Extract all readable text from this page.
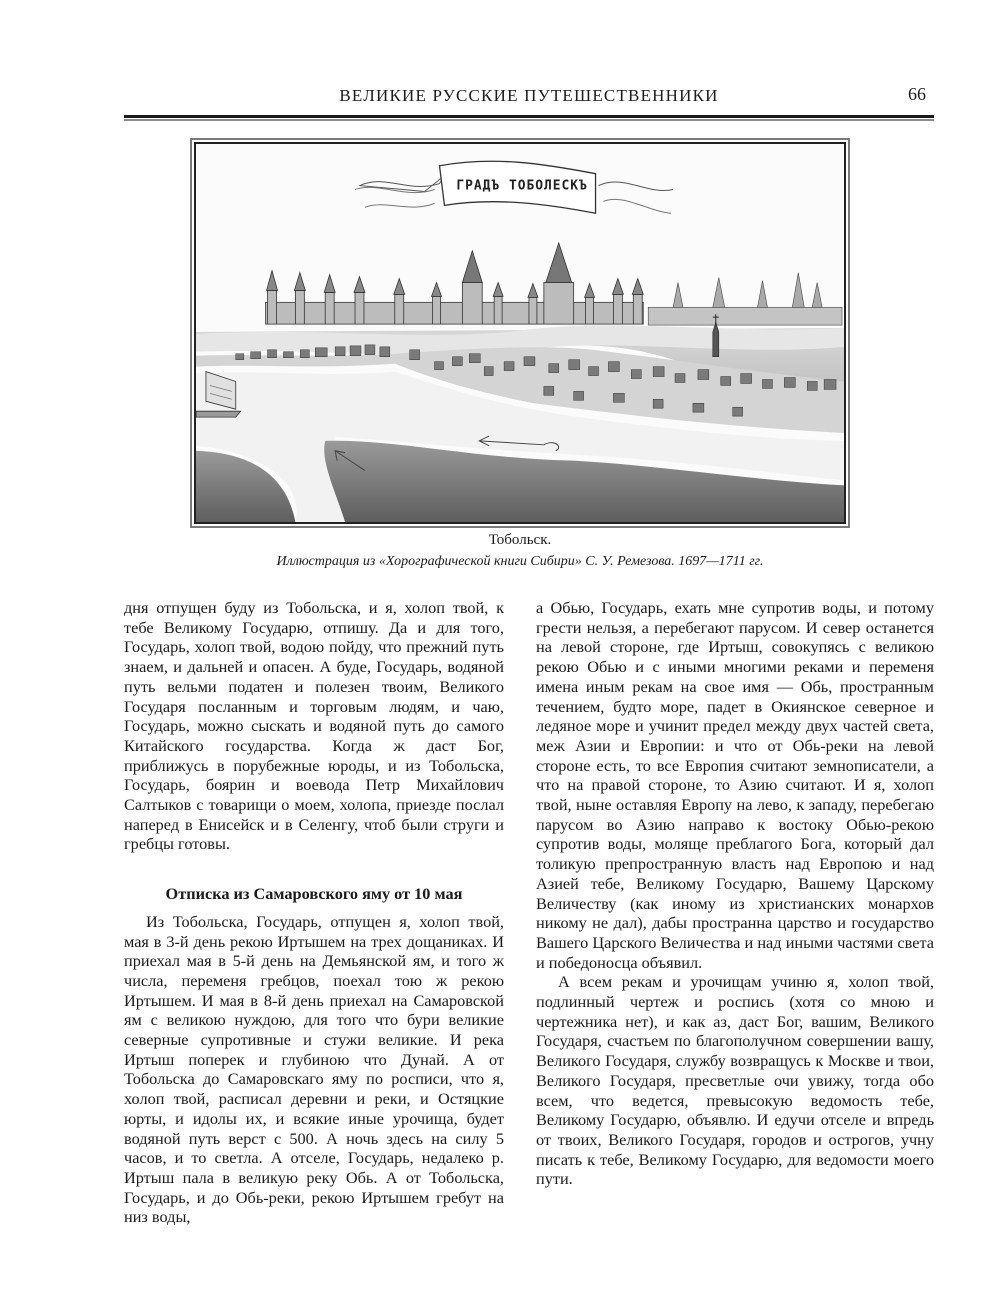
ВЕЛИКИЕ РУССКИЕ ПУТЕШЕСТВЕННИКИ	66
ГРАДЪ ТОБОЛЕСКЪ
Тобольск.
Иллюстрация из «Хорографической книги Сибири» С. У. Ремезова. 1697—1711 гг.

дня отпущен буду из Тобольска, и я, холоп твой, к тебе Великому Государю, отпишу. Да и для того, Государь, холоп твой, водою пойду, что прежний путь знаем, и дальней и опасен. А буде, Государь, водяной путь вельми податен и полезен твоим, Великого Государя посланным и торговым людям, и чаю, Государь, можно сыскать и водяной путь до самого Китайского государства. Когда ж даст Бог, приближусь в порубежные юроды, и из Тобольска, Государь, боярин и воевода Петр Михайлович Салтыков с товарищи о моем, холопа, приезде послал наперед в Енисейск и в Селенгу, чтоб были струги и гребцы готовы.

Отписка из Самаровского яму от 10 мая

Из Тобольска, Государь, отпущен я, холоп твой, мая в 3-й день рекою Иртышем на трех дощаниках. И приехал мая в 5-й день на Демьянской ям, и того ж числа, переменя гребцов, поехал тою ж рекою Иртышем. И мая в 8-й день приехал на Самаровской ям с великою нуждою, для того что бури великие северные супротивные и стужи великие. И река Иртыш поперек и глубиною что Дунай. А от Тобольска до Самаровскаго яму по росписи, что я, холоп твой, расписал деревни и реки, и Остяцкие юрты, и идолы их, и всякие иные урочища, будет водяной путь верст с 500. А ночь здесь на силу 5 часов, и то светла. А отселе, Государь, недалеко р. Иртыш пала в великую реку Обь. А от Тобольска, Государь, и до Обь-реки, рекою Иртышем гребут на низ воды,

а Обью, Государь, ехать мне супротив воды, и потому грести нельзя, а перебегают парусом. И север останется на левой стороне, где Иртыш, совокупясь с великою рекою Обью и с иными многими реками и переменя имена иным рекам на свое имя — Обь, пространным течением, будто море, падет в Окиянское северное и ледяное море и учинит предел между двух частей света, меж Азии и Европии: и что от Обь-реки на левой стороне есть, то все Европия считают земнописатели, а что на правой стороне, то Азию считают. И я, холоп твой, ныне оставляя Европу на лево, к западу, перебегаю парусом во Азию направо к востоку Обью-рекою супротив воды, моляще преблагого Бога, который дал толикую препространную власть над Европою и над Азией тебе, Великому Государю, Вашему Царскому Величеству (как иному из христианских монархов никому не дал), дабы пространна царство и государство Вашего Царского Величества и над иными частями света и победоносца объявил.

А всем рекам и урочищам учиню я, холоп твой, подлинный чертеж и роспись (хотя со мною и чертежника нет), и как аз, даст Бог, вашим, Великого Государя, счастьем по благополучном совершении вашу, Великого Государя, службу возвращусь к Москве и твои, Великого Государя, пресветлые очи увижу, тогда обо всем, что ведется, превысокую ведомость тебе, Великому Государю, объявлю. И едучи отселе и впредь от твоих, Великого Государя, городов и острогов, учну писать к тебе, Великому Государю, для ведомости моего пути.
